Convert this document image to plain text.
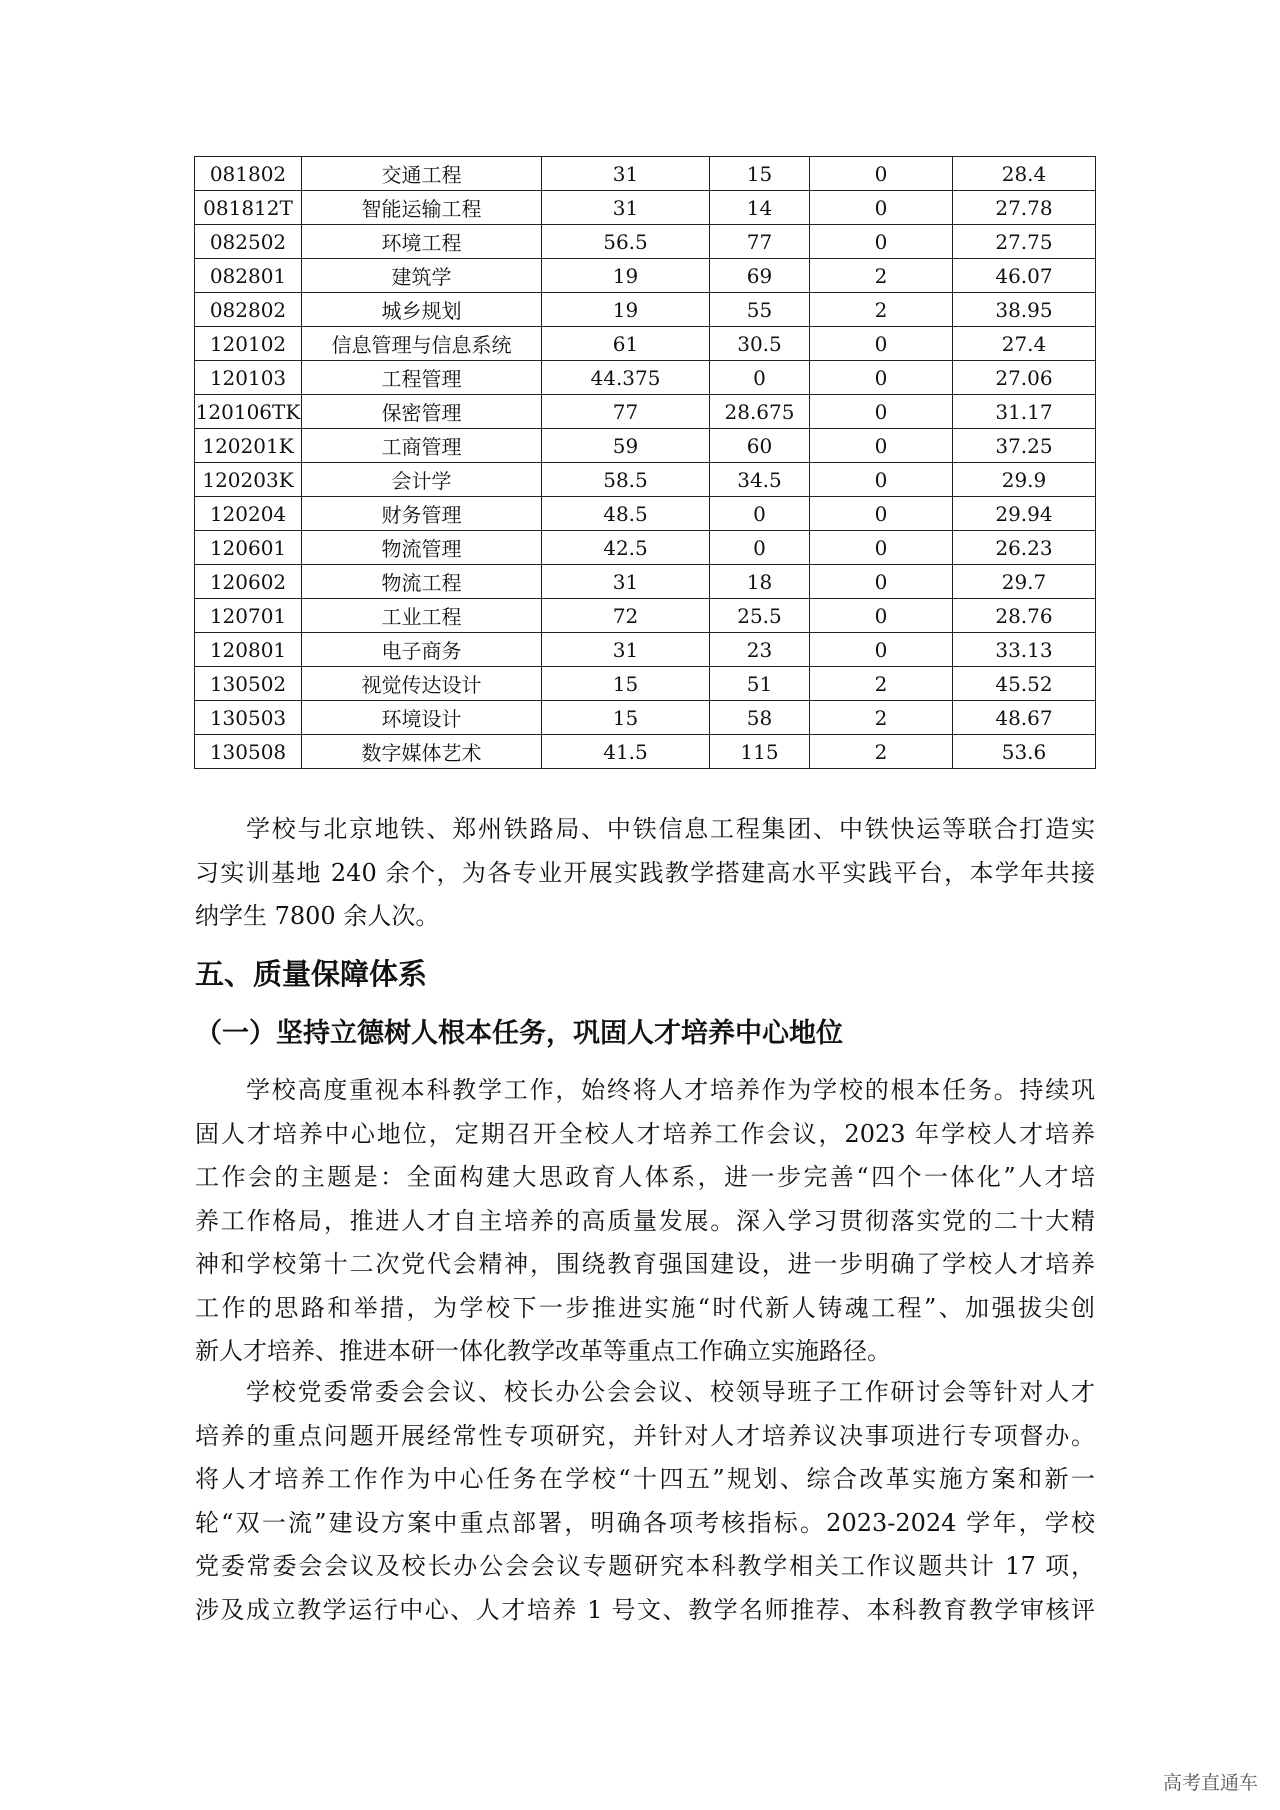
081802	交通工程	31	15	0	28.4
081812T	智能运输工程	31	14	0	27.78
082502	环境工程	56.5	77	0	27.75
082801	建筑学	19	69	2	46.07
082802	城乡规划	19	55	2	38.95
120102	信息管理与信息系统	61	30.5	0	27.4
120103	工程管理	44.375	0	0	27.06
120106TK	保密管理	77	28.675	0	31.17
120201K	工商管理	59	60	0	37.25
120203K	会计学	58.5	34.5	0	29.9
120204	财务管理	48.5	0	0	29.94
120601	物流管理	42.5	0	0	26.23
120602	物流工程	31	18	0	29.7
120701	工业工程	72	25.5	0	28.76
120801	电子商务	31	23	0	33.13
130502	视觉传达设计	15	51	2	45.52
130503	环境设计	15	58	2	48.67
130508	数字媒体艺术	41.5	115	2	53.6
学校与北京地铁、郑州铁路局、中铁信息工程集团、中铁快运等联合打造实
习实训基地 240 余个，为各专业开展实践教学搭建高水平实践平台，本学年共接
纳学生 7800 余人次。
五、质量保障体系
（一）坚持立德树人根本任务，巩固人才培养中心地位
学校高度重视本科教学工作，始终将人才培养作为学校的根本任务。持续巩
固人才培养中心地位，定期召开全校人才培养工作会议，2023 年学校人才培养
工作会的主题是：全面构建大思政育人体系，进一步完善“四个一体化”人才培
养工作格局，推进人才自主培养的高质量发展。深入学习贯彻落实党的二十大精
神和学校第十二次党代会精神，围绕教育强国建设，进一步明确了学校人才培养
工作的思路和举措，为学校下一步推进实施“时代新人铸魂工程”、加强拔尖创
新人才培养、推进本研一体化教学改革等重点工作确立实施路径。
学校党委常委会会议、校长办公会会议、校领导班子工作研讨会等针对人才
培养的重点问题开展经常性专项研究，并针对人才培养议决事项进行专项督办。
将人才培养工作作为中心任务在学校“十四五”规划、综合改革实施方案和新一
轮“双一流”建设方案中重点部署，明确各项考核指标。2023-2024 学年，学校
党委常委会会议及校长办公会会议专题研究本科教学相关工作议题共计 17 项，
涉及成立教学运行中心、人才培养 1 号文、教学名师推荐、本科教育教学审核评
高考直通车
